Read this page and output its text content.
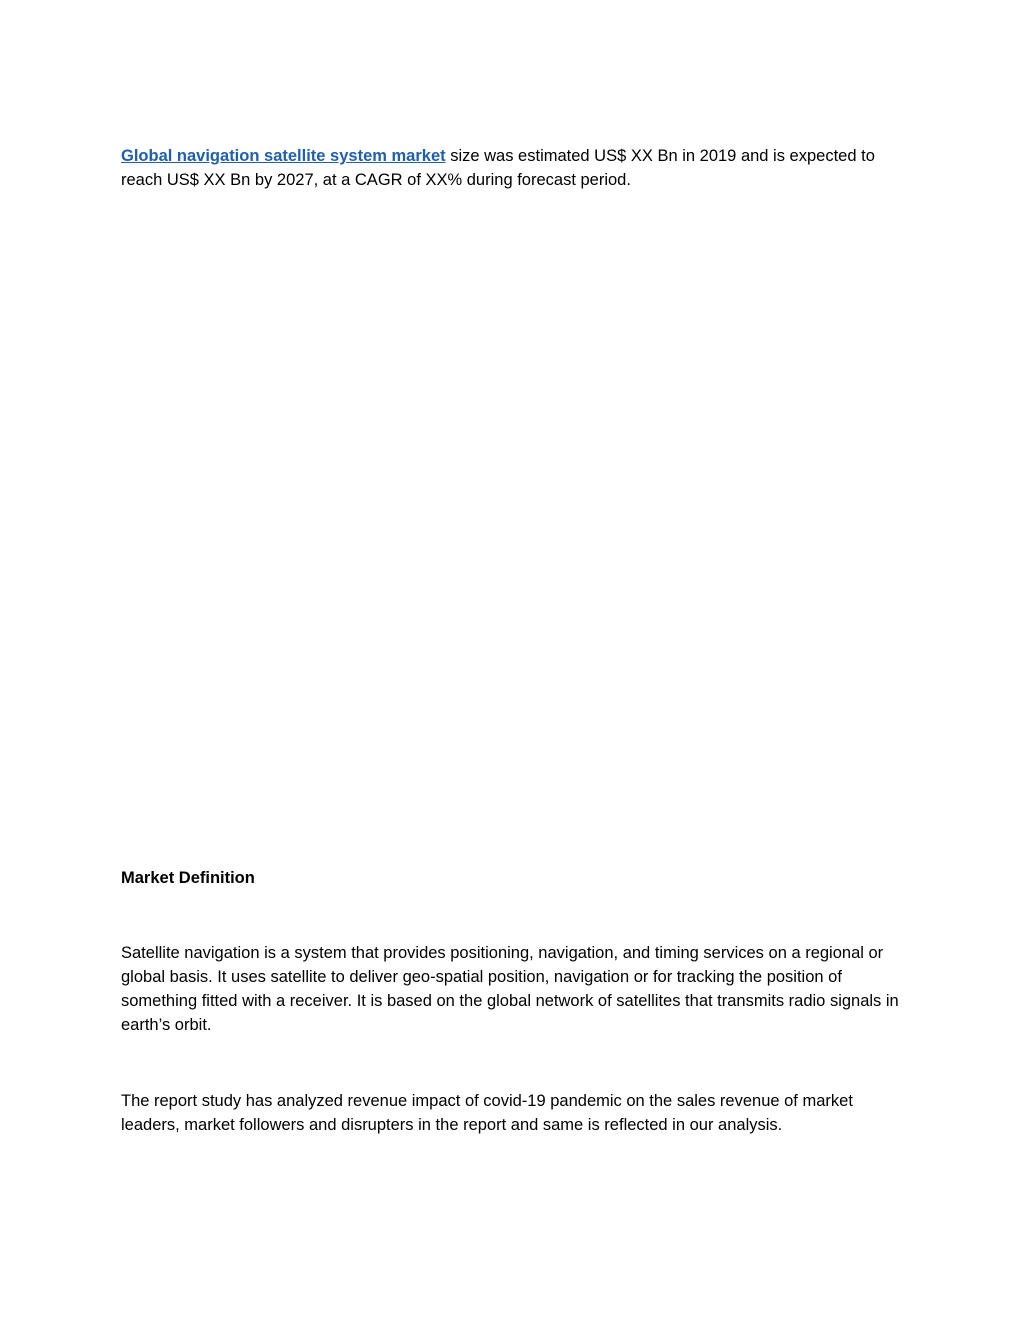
Global navigation satellite system market size was estimated US$ XX Bn in 2019 and is expected to reach US$ XX Bn by 2027, at a CAGR of XX% during forecast period.

Market Definition

Satellite navigation is a system that provides positioning, navigation, and timing services on a regional or global basis. It uses satellite to deliver geo-spatial position, navigation or for tracking the position of something fitted with a receiver. It is based on the global network of satellites that transmits radio signals in earth’s orbit.

The report study has analyzed revenue impact of covid-19 pandemic on the sales revenue of market leaders, market followers and disrupters in the report and same is reflected in our analysis.
